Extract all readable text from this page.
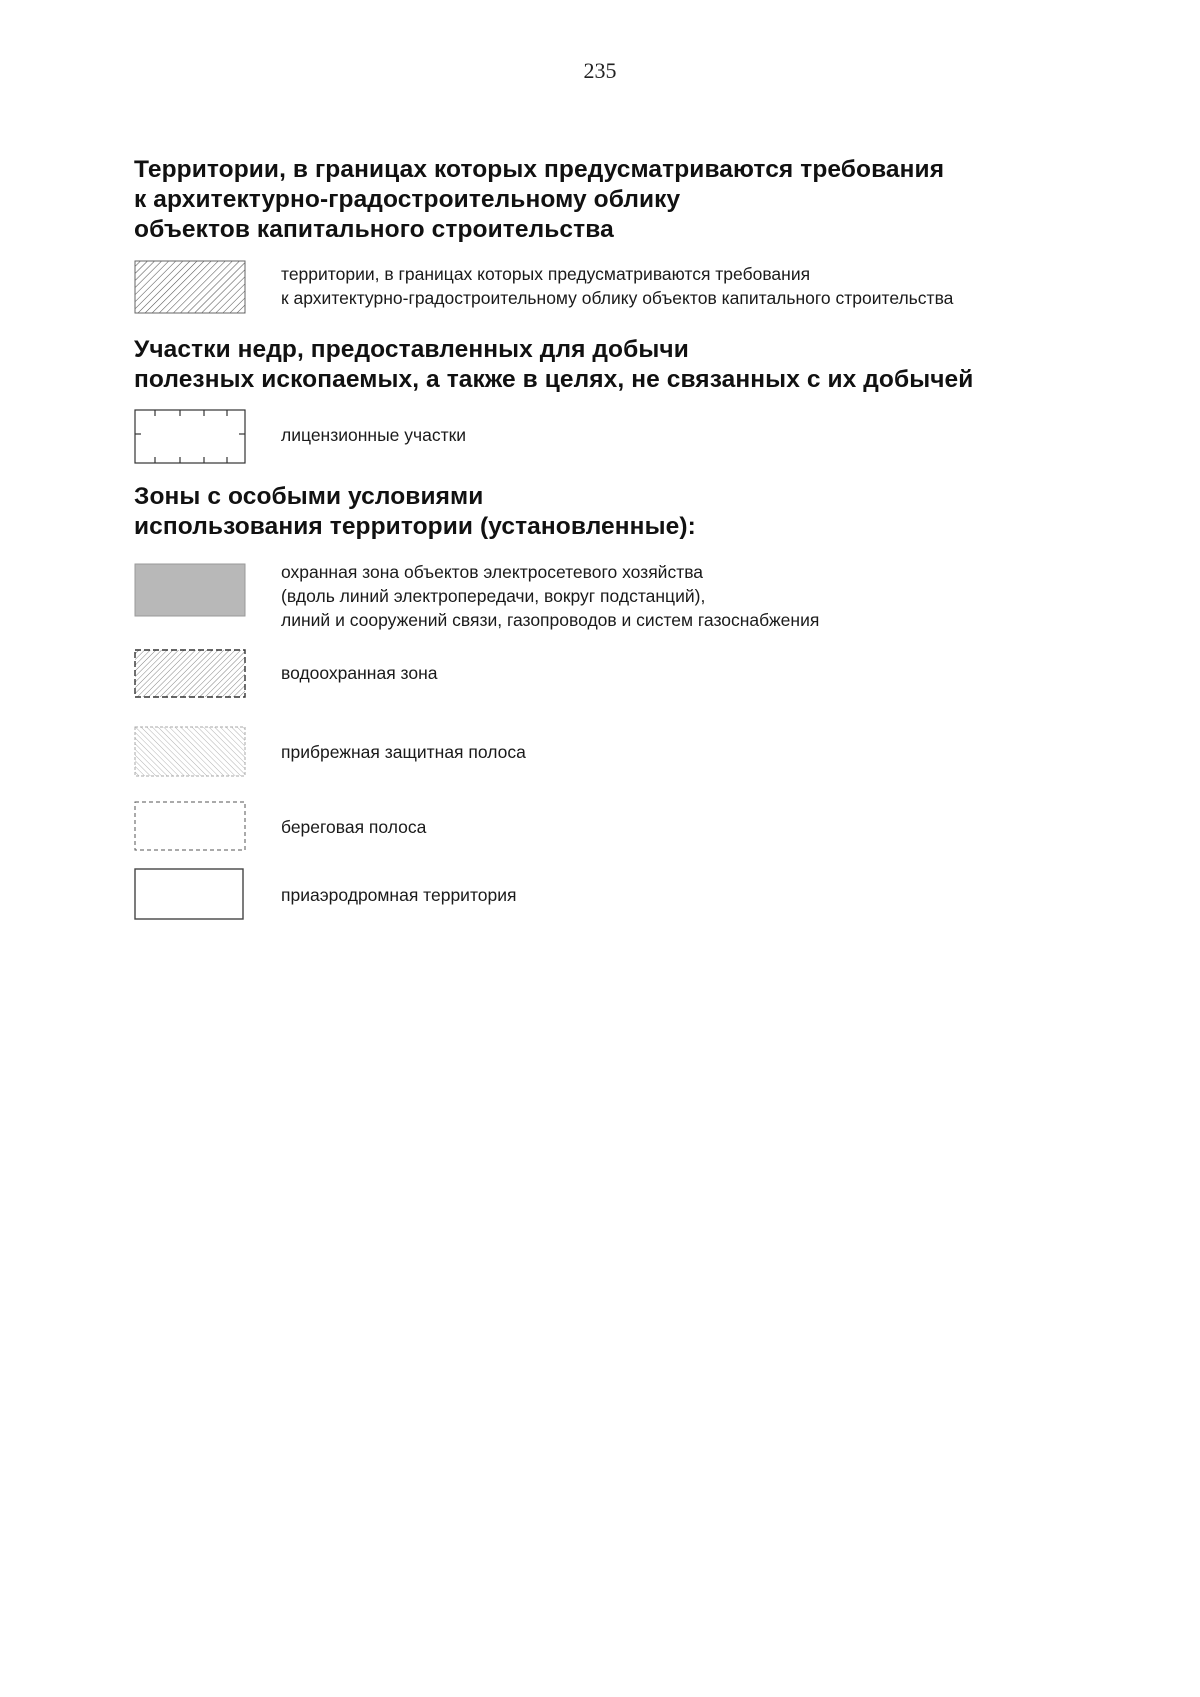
235
Территории, в границах которых предусматриваются требования
к архитектурно-градостроительному облику
объектов капитального строительства
территории, в границах которых предусматриваются требования
к архитектурно-градостроительному облику объектов капитального строительства
Участки недр, предоставленных для добычи
полезных ископаемых, а также в целях, не связанных с их добычей
лицензионные участки
Зоны с особыми условиями
использования территории (установленные):
охранная зона объектов электросетевого хозяйства
(вдоль линий электропередачи, вокруг подстанций),
линий и сооружений связи, газопроводов и систем газоснабжения
водоохранная зона
прибрежная защитная полоса
береговая полоса
приаэродромная территория
